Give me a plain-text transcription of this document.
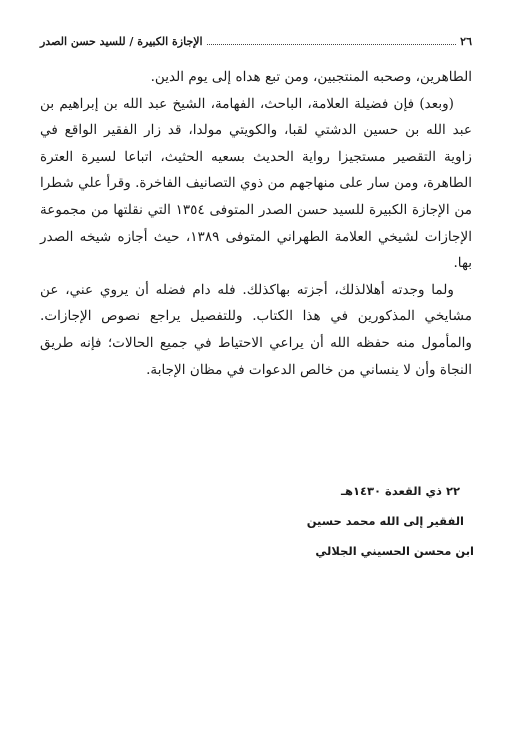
٢٦
الإجازة الكبيرة / للسيد حسن الصدر

الطاهرين، وصحبه المنتجبين، ومن تبع هداه إلى يوم الدين.

(وبعد) فإن فضيلة العلامة، الباحث، الفهامة، الشيخ عبد الله بن إبراهيم بن عبد الله بن حسين الدشتي لقبا، والكويتي مولدا، قد زار الفقير الواقع في زاوية التقصير مستجيزا رواية الحديث بسعيه الحثيث، اتباعا لسيرة العترة الطاهرة، ومن سار على منهاجهم من ذوي التصانيف الفاخرة. وقرأ علي شطرا من الإجازة الكبيرة للسيد حسن الصدر المتوفى ١٣٥٤ التي نقلتها من مجموعة الإجازات لشيخي العلامة الطهراني المتوفى ١٣٨٩، حيث أجازه شيخه الصدر بها.

ولما وجدته أهلالذلك، أجزته بهاكذلك. فله دام فضله أن يروي عني، عن مشايخي المذكورين في هذا الكتاب. وللتفصيل يراجع نصوص الإجازات. والمأمول منه حفظه الله أن يراعي الاحتياط في جميع الحالات؛ فإنه طريق النجاة وأن لا ينساني من خالص الدعوات في مظان الإجابة.

٢٢ ذي القعدة ١٤٣٠هـ
الفقير إلى الله محمد حسين
ابن محسن الحسيني الجلالي
